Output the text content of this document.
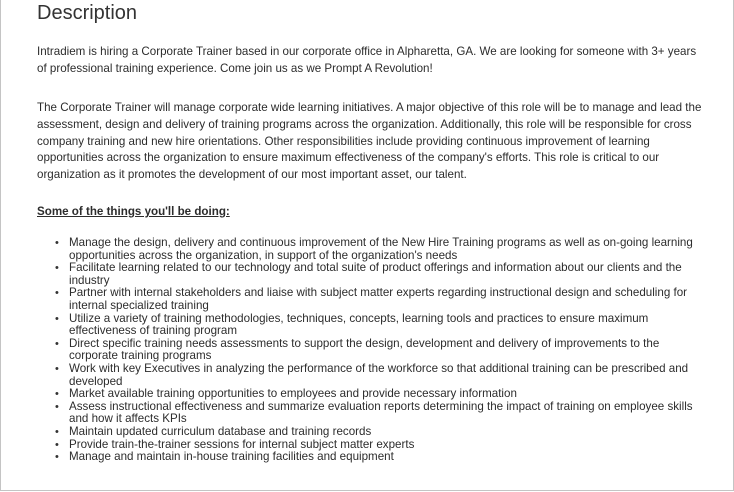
Description

Intradiem is hiring a Corporate Trainer based in our corporate office in Alpharetta, GA. We are looking for someone with 3+ years of professional training experience. Come join us as we Prompt A Revolution!

The Corporate Trainer will manage corporate wide learning initiatives. A major objective of this role will be to manage and lead the assessment, design and delivery of training programs across the organization. Additionally, this role will be responsible for cross company training and new hire orientations. Other responsibilities include providing continuous improvement of learning opportunities across the organization to ensure maximum effectiveness of the company's efforts. This role is critical to our organization as it promotes the development of our most important asset, our talent.

Some of the things you'll be doing:

• Manage the design, delivery and continuous improvement of the New Hire Training programs as well as on-going learning opportunities across the organization, in support of the organization's needs
• Facilitate learning related to our technology and total suite of product offerings and information about our clients and the industry
• Partner with internal stakeholders and liaise with subject matter experts regarding instructional design and scheduling for internal specialized training
• Utilize a variety of training methodologies, techniques, concepts, learning tools and practices to ensure maximum effectiveness of training program
• Direct specific training needs assessments to support the design, development and delivery of improvements to the corporate training programs
• Work with key Executives in analyzing the performance of the workforce so that additional training can be prescribed and developed
• Market available training opportunities to employees and provide necessary information
• Assess instructional effectiveness and summarize evaluation reports determining the impact of training on employee skills and how it affects KPIs
• Maintain updated curriculum database and training records
• Provide train-the-trainer sessions for internal subject matter experts
• Manage and maintain in-house training facilities and equipment
